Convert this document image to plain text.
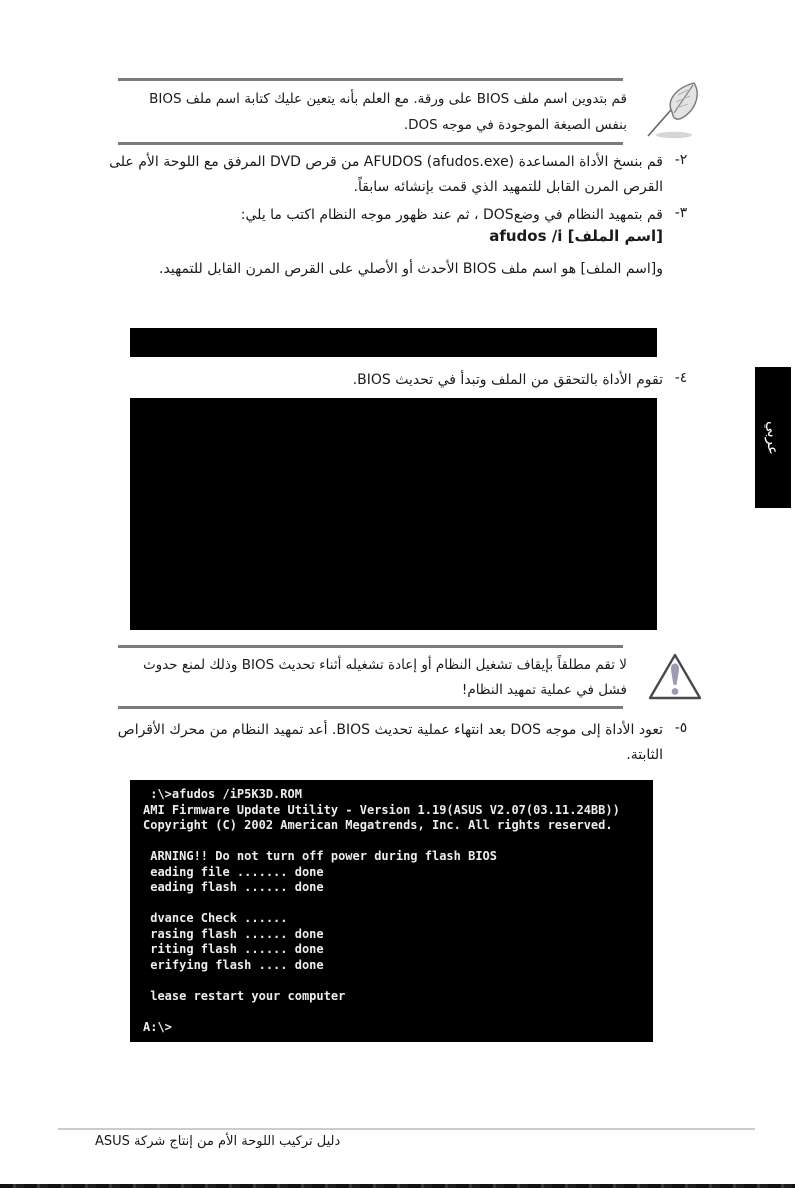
قم بتدوين اسم ملف BIOS على ورقة. مع العلم بأنه يتعين عليك كتابة اسم ملف BIOS بنفس الصيغة الموجودة في موجه DOS.
٢-
قم بنسخ الأداة المساعدة AFUDOS (afudos.exe) من قرص DVD المرفق مع اللوحة الأم على القرص المرن القابل للتمهيد الذي قمت بإنشائه سابقاً.
٣-
قم بتمهيد النظام في وضعDOS ، ثم عند ظهور موجه النظام اكتب ما يلي:
afudos /i [اسم الملف]
و[اسم الملف] هو اسم ملف BIOS الأحدث أو الأصلي على القرص المرن القابل للتمهيد.
٤-
تقوم الأداة بالتحقق من الملف وتبدأ في تحديث BIOS.
عربي
لا تقم مطلقاً بإيقاف تشغيل النظام أو إعادة تشغيله أثناء تحديث BIOS وذلك لمنع حدوث فشل في عملية تمهيد النظام!
٥-
تعود الأداة إلى موجه DOS بعد انتهاء عملية تحديث BIOS. أعد تمهيد النظام من محرك الأقراص الثابتة.
:\>afudos /iP5K3D.ROM
AMI Firmware Update Utility - Version 1.19(ASUS V2.07(03.11.24BB))
Copyright (C) 2002 American Megatrends, Inc. All rights reserved.
ARNING!! Do not turn off power during flash BIOS
eading file ....... done
eading flash ...... done
dvance Check ......
rasing flash ...... done
riting flash ...... done
erifying flash .... done
lease restart your computer
A:\>
دليل تركيب اللوحة الأم من إنتاج شركة ASUS
